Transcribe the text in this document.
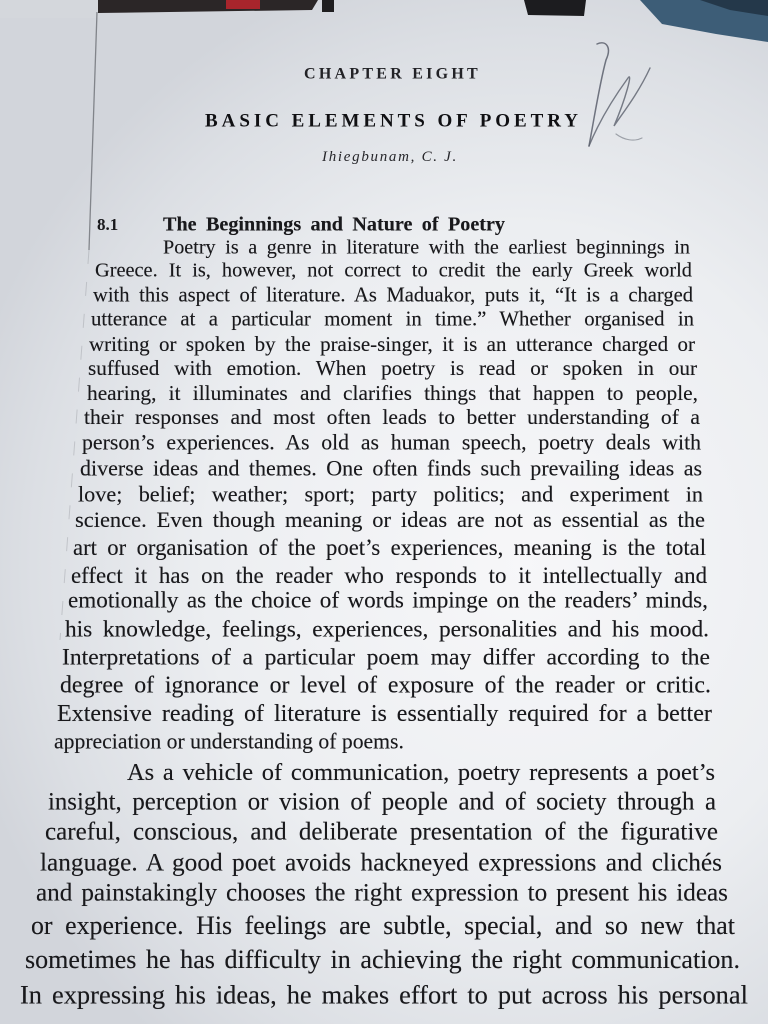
CHAPTER EIGHT
BASIC ELEMENTS OF POETRY
Ihiegbunam, C. J.
8.1 The Beginnings and Nature of Poetry
Poetry is a genre in literature with the earliest beginnings in
Greece. It is, however, not correct to credit the early Greek world
with this aspect of literature. As Maduakor, puts it, “It is a charged
utterance at a particular moment in time.” Whether organised in
writing or spoken by the praise-singer, it is an utterance charged or
suffused with emotion. When poetry is read or spoken in our
hearing, it illuminates and clarifies things that happen to people,
their responses and most often leads to better understanding of a
person’s experiences. As old as human speech, poetry deals with
diverse ideas and themes. One often finds such prevailing ideas as
love; belief; weather; sport; party politics; and experiment in
science. Even though meaning or ideas are not as essential as the
art or organisation of the poet’s experiences, meaning is the total
effect it has on the reader who responds to it intellectually and
emotionally as the choice of words impinge on the readers’ minds,
his knowledge, feelings, experiences, personalities and his mood.
Interpretations of a particular poem may differ according to the
degree of ignorance or level of exposure of the reader or critic.
Extensive reading of literature is essentially required for a better
appreciation or understanding of poems.
As a vehicle of communication, poetry represents a poet’s
insight, perception or vision of people and of society through a
careful, conscious, and deliberate presentation of the figurative
language. A good poet avoids hackneyed expressions and clichés
and painstakingly chooses the right expression to present his ideas
or experience. His feelings are subtle, special, and so new that
sometimes he has difficulty in achieving the right communication.
In expressing his ideas, he makes effort to put across his personal
